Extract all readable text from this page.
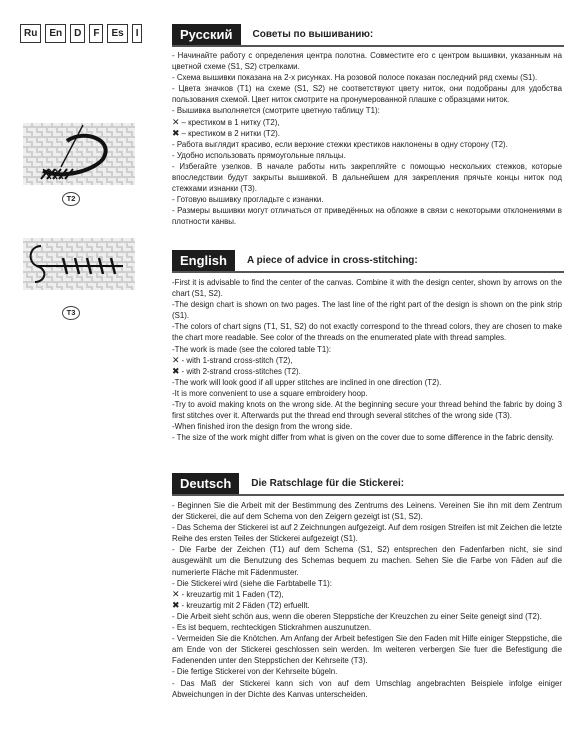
Ru	En	D	F	Es	I	Русский	Советы по вышиванию:

- Начинайте работу с определения центра полотна. Совместите его с центром вышивки, указанным на цветной схеме (S1, S2) стрелками.

- Схема вышивки показана на 2-х рисунках. На розовой полосе показан последний ряд схемы (S1).

- Цвета значков (T1) на схеме (S1, S2) не соответствуют цвету ниток, они подобраны для удобства пользования схемой. Цвет ниток смотрите на пронумерованной плашке с образцами ниток.

- Вышивка выполняется (смотрите цветную таблицу T1):

✕ – крестиком в 1 нитку (T2),

✖ – крестиком в 2 нитки (T2).

- Работа выглядит красиво, если верхние стежки крестиков наклонены в одну сторону (T2).

- Удобно использовать прямоугольные пяльцы.

- Избегайте узелков. В начале работы нить закрепляйте с помощью нескольких стежков, которые впоследствии будут закрыты вышивкой. В дальнейшем для закрепления прячьте концы ниток под стежками изнанки (T3).

- Готовую вышивку прогладьте с изнанки.

- Размеры вышивки могут отличаться от приведённых на обложке в связи с некоторыми отклонениями в плотности канвы.

English	A piece of advice in cross-stitching:

-First it is advisable to find the center of the canvas. Combine it with the design center, shown by arrows on the chart (S1, S2).

-The design chart is shown on two pages. The last line of the right part of the design is shown on the pink strip (S1).

-The colors of chart signs (T1, S1, S2) do not exactly correspond to the thread colors, they are chosen to make the chart more readable. See color of the threads on the enumerated plate with thread samples.

-The work is made (see the colored table T1):

✕ - with 1-strand cross-stitch (T2),

✖ - with 2-strand cross-stitches (T2).

-The work will look good if all upper stitches are inclined in one direction (T2).

-It is more convenient to use a square embroidery hoop.

-Try to avoid making knots on the wrong side. At the beginning secure your thread behind the fabric by doing 3 first stitches over it. Afterwards put the thread end through several stitches of the wrong side (T3).

-When finished iron the design from the wrong side.

- The size of the work might differ from what is given on the cover due to some difference in the fabric density.

Deutsch	Die Ratschlage für die Stickerei:

- Beginnen Sie die Arbeit mit der Bestimmung des Zentrums des Leinens. Vereinen Sie ihn mit dem Zentrum der Stickerei, die auf dem Schema von den Zeigern gezeigt ist (S1, S2).

- Das Schema der Stickerei ist auf 2 Zeichnungen aufgezeigt. Auf dem rosigen Streifen ist mit Zeichen die letzte Reihe des ersten Teiles der Stickerei aufgezeigt (S1).

- Die Farbe der Zeichen (T1) auf dem Schema (S1, S2) entsprechen den Fadenfarben nicht, sie sind ausgewählt um die Benutzung des Schemas bequem zu machen. Sehen Sie die Farbe von Fäden auf die numerierte Fläche mit Fädenmuster.

- Die Stickerei wird (siehe die Farbtabelle T1):

✕ - kreuzartig mit 1 Faden (T2),

✖ - kreuzartig mit 2 Fäden (T2) erfuellt.

- Die Arbeit sieht schön aus, wenn die oberen Steppstiche der Kreuzchen zu einer Seite geneigt sind (T2).

- Es ist bequem, rechteckigen Stickrahmen auszunutzen.

- Vermeiden Sie die Knötchen. Am Anfang der Arbeit befestigen Sie den Faden mit Hilfe einiger Steppstiche, die am Ende von der Stickerei geschlossen sein werden. Im weiteren verbergen Sie fuer die Befestigung die Fadenenden unter den Steppstichen der Kehrseite (T3).

- Die fertige Stickerei von der Kehrseite bügeln.

- Das Maß der Stickerei kann sich von auf dem Umschlag angebrachten Beispiele infolge einiger Abweichungen in der Dichte des Kanvas unterscheiden.

T2
T3
